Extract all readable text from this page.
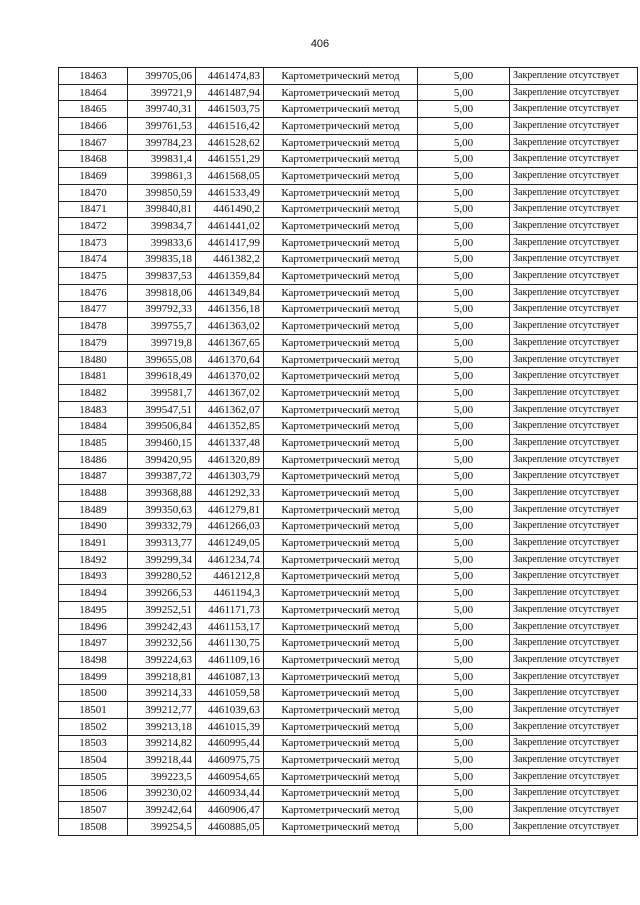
406
18463	399705,06	4461474,83	Картометрический метод	5,00	Закрепление отсутствует
18464	399721,9	4461487,94	Картометрический метод	5,00	Закрепление отсутствует
18465	399740,31	4461503,75	Картометрический метод	5,00	Закрепление отсутствует
18466	399761,53	4461516,42	Картометрический метод	5,00	Закрепление отсутствует
18467	399784,23	4461528,62	Картометрический метод	5,00	Закрепление отсутствует
18468	399831,4	4461551,29	Картометрический метод	5,00	Закрепление отсутствует
18469	399861,3	4461568,05	Картометрический метод	5,00	Закрепление отсутствует
18470	399850,59	4461533,49	Картометрический метод	5,00	Закрепление отсутствует
18471	399840,81	4461490,2	Картометрический метод	5,00	Закрепление отсутствует
18472	399834,7	4461441,02	Картометрический метод	5,00	Закрепление отсутствует
18473	399833,6	4461417,99	Картометрический метод	5,00	Закрепление отсутствует
18474	399835,18	4461382,2	Картометрический метод	5,00	Закрепление отсутствует
18475	399837,53	4461359,84	Картометрический метод	5,00	Закрепление отсутствует
18476	399818,06	4461349,84	Картометрический метод	5,00	Закрепление отсутствует
18477	399792,33	4461356,18	Картометрический метод	5,00	Закрепление отсутствует
18478	399755,7	4461363,02	Картометрический метод	5,00	Закрепление отсутствует
18479	399719,8	4461367,65	Картометрический метод	5,00	Закрепление отсутствует
18480	399655,08	4461370,64	Картометрический метод	5,00	Закрепление отсутствует
18481	399618,49	4461370,02	Картометрический метод	5,00	Закрепление отсутствует
18482	399581,7	4461367,02	Картометрический метод	5,00	Закрепление отсутствует
18483	399547,51	4461362,07	Картометрический метод	5,00	Закрепление отсутствует
18484	399506,84	4461352,85	Картометрический метод	5,00	Закрепление отсутствует
18485	399460,15	4461337,48	Картометрический метод	5,00	Закрепление отсутствует
18486	399420,95	4461320,89	Картометрический метод	5,00	Закрепление отсутствует
18487	399387,72	4461303,79	Картометрический метод	5,00	Закрепление отсутствует
18488	399368,88	4461292,33	Картометрический метод	5,00	Закрепление отсутствует
18489	399350,63	4461279,81	Картометрический метод	5,00	Закрепление отсутствует
18490	399332,79	4461266,03	Картометрический метод	5,00	Закрепление отсутствует
18491	399313,77	4461249,05	Картометрический метод	5,00	Закрепление отсутствует
18492	399299,34	4461234,74	Картометрический метод	5,00	Закрепление отсутствует
18493	399280,52	4461212,8	Картометрический метод	5,00	Закрепление отсутствует
18494	399266,53	4461194,3	Картометрический метод	5,00	Закрепление отсутствует
18495	399252,51	4461171,73	Картометрический метод	5,00	Закрепление отсутствует
18496	399242,43	4461153,17	Картометрический метод	5,00	Закрепление отсутствует
18497	399232,56	4461130,75	Картометрический метод	5,00	Закрепление отсутствует
18498	399224,63	4461109,16	Картометрический метод	5,00	Закрепление отсутствует
18499	399218,81	4461087,13	Картометрический метод	5,00	Закрепление отсутствует
18500	399214,33	4461059,58	Картометрический метод	5,00	Закрепление отсутствует
18501	399212,77	4461039,63	Картометрический метод	5,00	Закрепление отсутствует
18502	399213,18	4461015,39	Картометрический метод	5,00	Закрепление отсутствует
18503	399214,82	4460995,44	Картометрический метод	5,00	Закрепление отсутствует
18504	399218,44	4460975,75	Картометрический метод	5,00	Закрепление отсутствует
18505	399223,5	4460954,65	Картометрический метод	5,00	Закрепление отсутствует
18506	399230,02	4460934,44	Картометрический метод	5,00	Закрепление отсутствует
18507	399242,64	4460906,47	Картометрический метод	5,00	Закрепление отсутствует
18508	399254,5	4460885,05	Картометрический метод	5,00	Закрепление отсутствует
